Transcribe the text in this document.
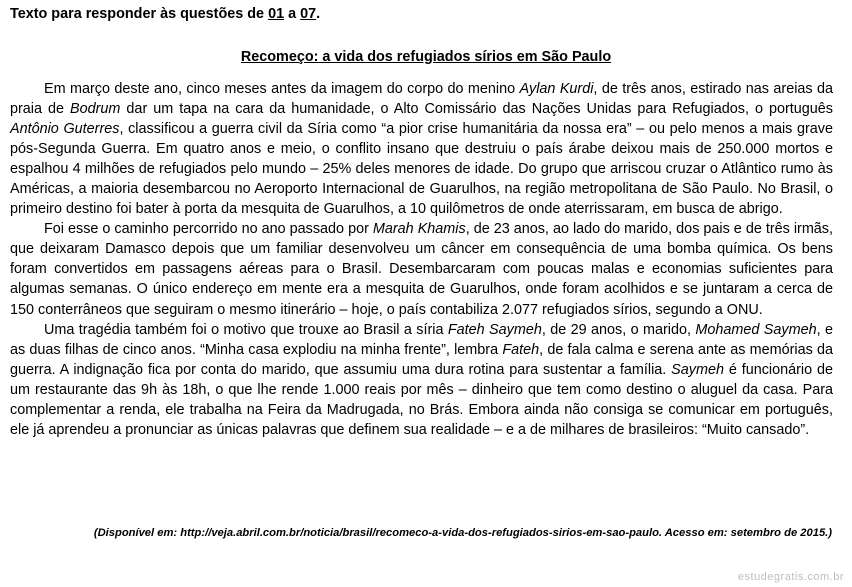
Texto para responder às questões de 01 a 07.
Recomeço: a vida dos refugiados sírios em São Paulo

Em março deste ano, cinco meses antes da imagem do corpo do menino Aylan Kurdi, de três anos, estirado nas areias da praia de Bodrum dar um tapa na cara da humanidade, o Alto Comissário das Nações Unidas para Refugiados, o português Antônio Guterres, classificou a guerra civil da Síria como “a pior crise humanitária da nossa era” – ou pelo menos a mais grave pós-Segunda Guerra. Em quatro anos e meio, o conflito insano que destruiu o país árabe deixou mais de 250.000 mortos e espalhou 4 milhões de refugiados pelo mundo – 25% deles menores de idade. Do grupo que arriscou cruzar o Atlântico rumo às Américas, a maioria desembarcou no Aeroporto Internacional de Guarulhos, na região metropolitana de São Paulo. No Brasil, o primeiro destino foi bater à porta da mesquita de Guarulhos, a 10 quilômetros de onde aterrissaram, em busca de abrigo.

Foi esse o caminho percorrido no ano passado por Marah Khamis, de 23 anos, ao lado do marido, dos pais e de três irmãs, que deixaram Damasco depois que um familiar desenvolveu um câncer em consequência de uma bomba química. Os bens foram convertidos em passagens aéreas para o Brasil. Desembarcaram com poucas malas e economias suficientes para algumas semanas. O único endereço em mente era a mesquita de Guarulhos, onde foram acolhidos e se juntaram a cerca de 150 conterrâneos que seguiram o mesmo itinerário – hoje, o país contabiliza 2.077 refugiados sírios, segundo a ONU.

Uma tragédia também foi o motivo que trouxe ao Brasil a síria Fateh Saymeh, de 29 anos, o marido, Mohamed Saymeh, e as duas filhas de cinco anos. “Minha casa explodiu na minha frente”, lembra Fateh, de fala calma e serena ante as memórias da guerra. A indignação fica por conta do marido, que assumiu uma dura rotina para sustentar a família. Saymeh é funcionário de um restaurante das 9h às 18h, o que lhe rende 1.000 reais por mês – dinheiro que tem como destino o aluguel da casa. Para complementar a renda, ele trabalha na Feira da Madrugada, no Brás. Embora ainda não consiga se comunicar em português, ele já aprendeu a pronunciar as únicas palavras que definem sua realidade – e a de milhares de brasileiros: “Muito cansado”.

(Disponível em: http://veja.abril.com.br/noticia/brasil/recomeco-a-vida-dos-refugiados-sirios-em-sao-paulo. Acesso em: setembro de 2015.)
estudegratis.com.br
